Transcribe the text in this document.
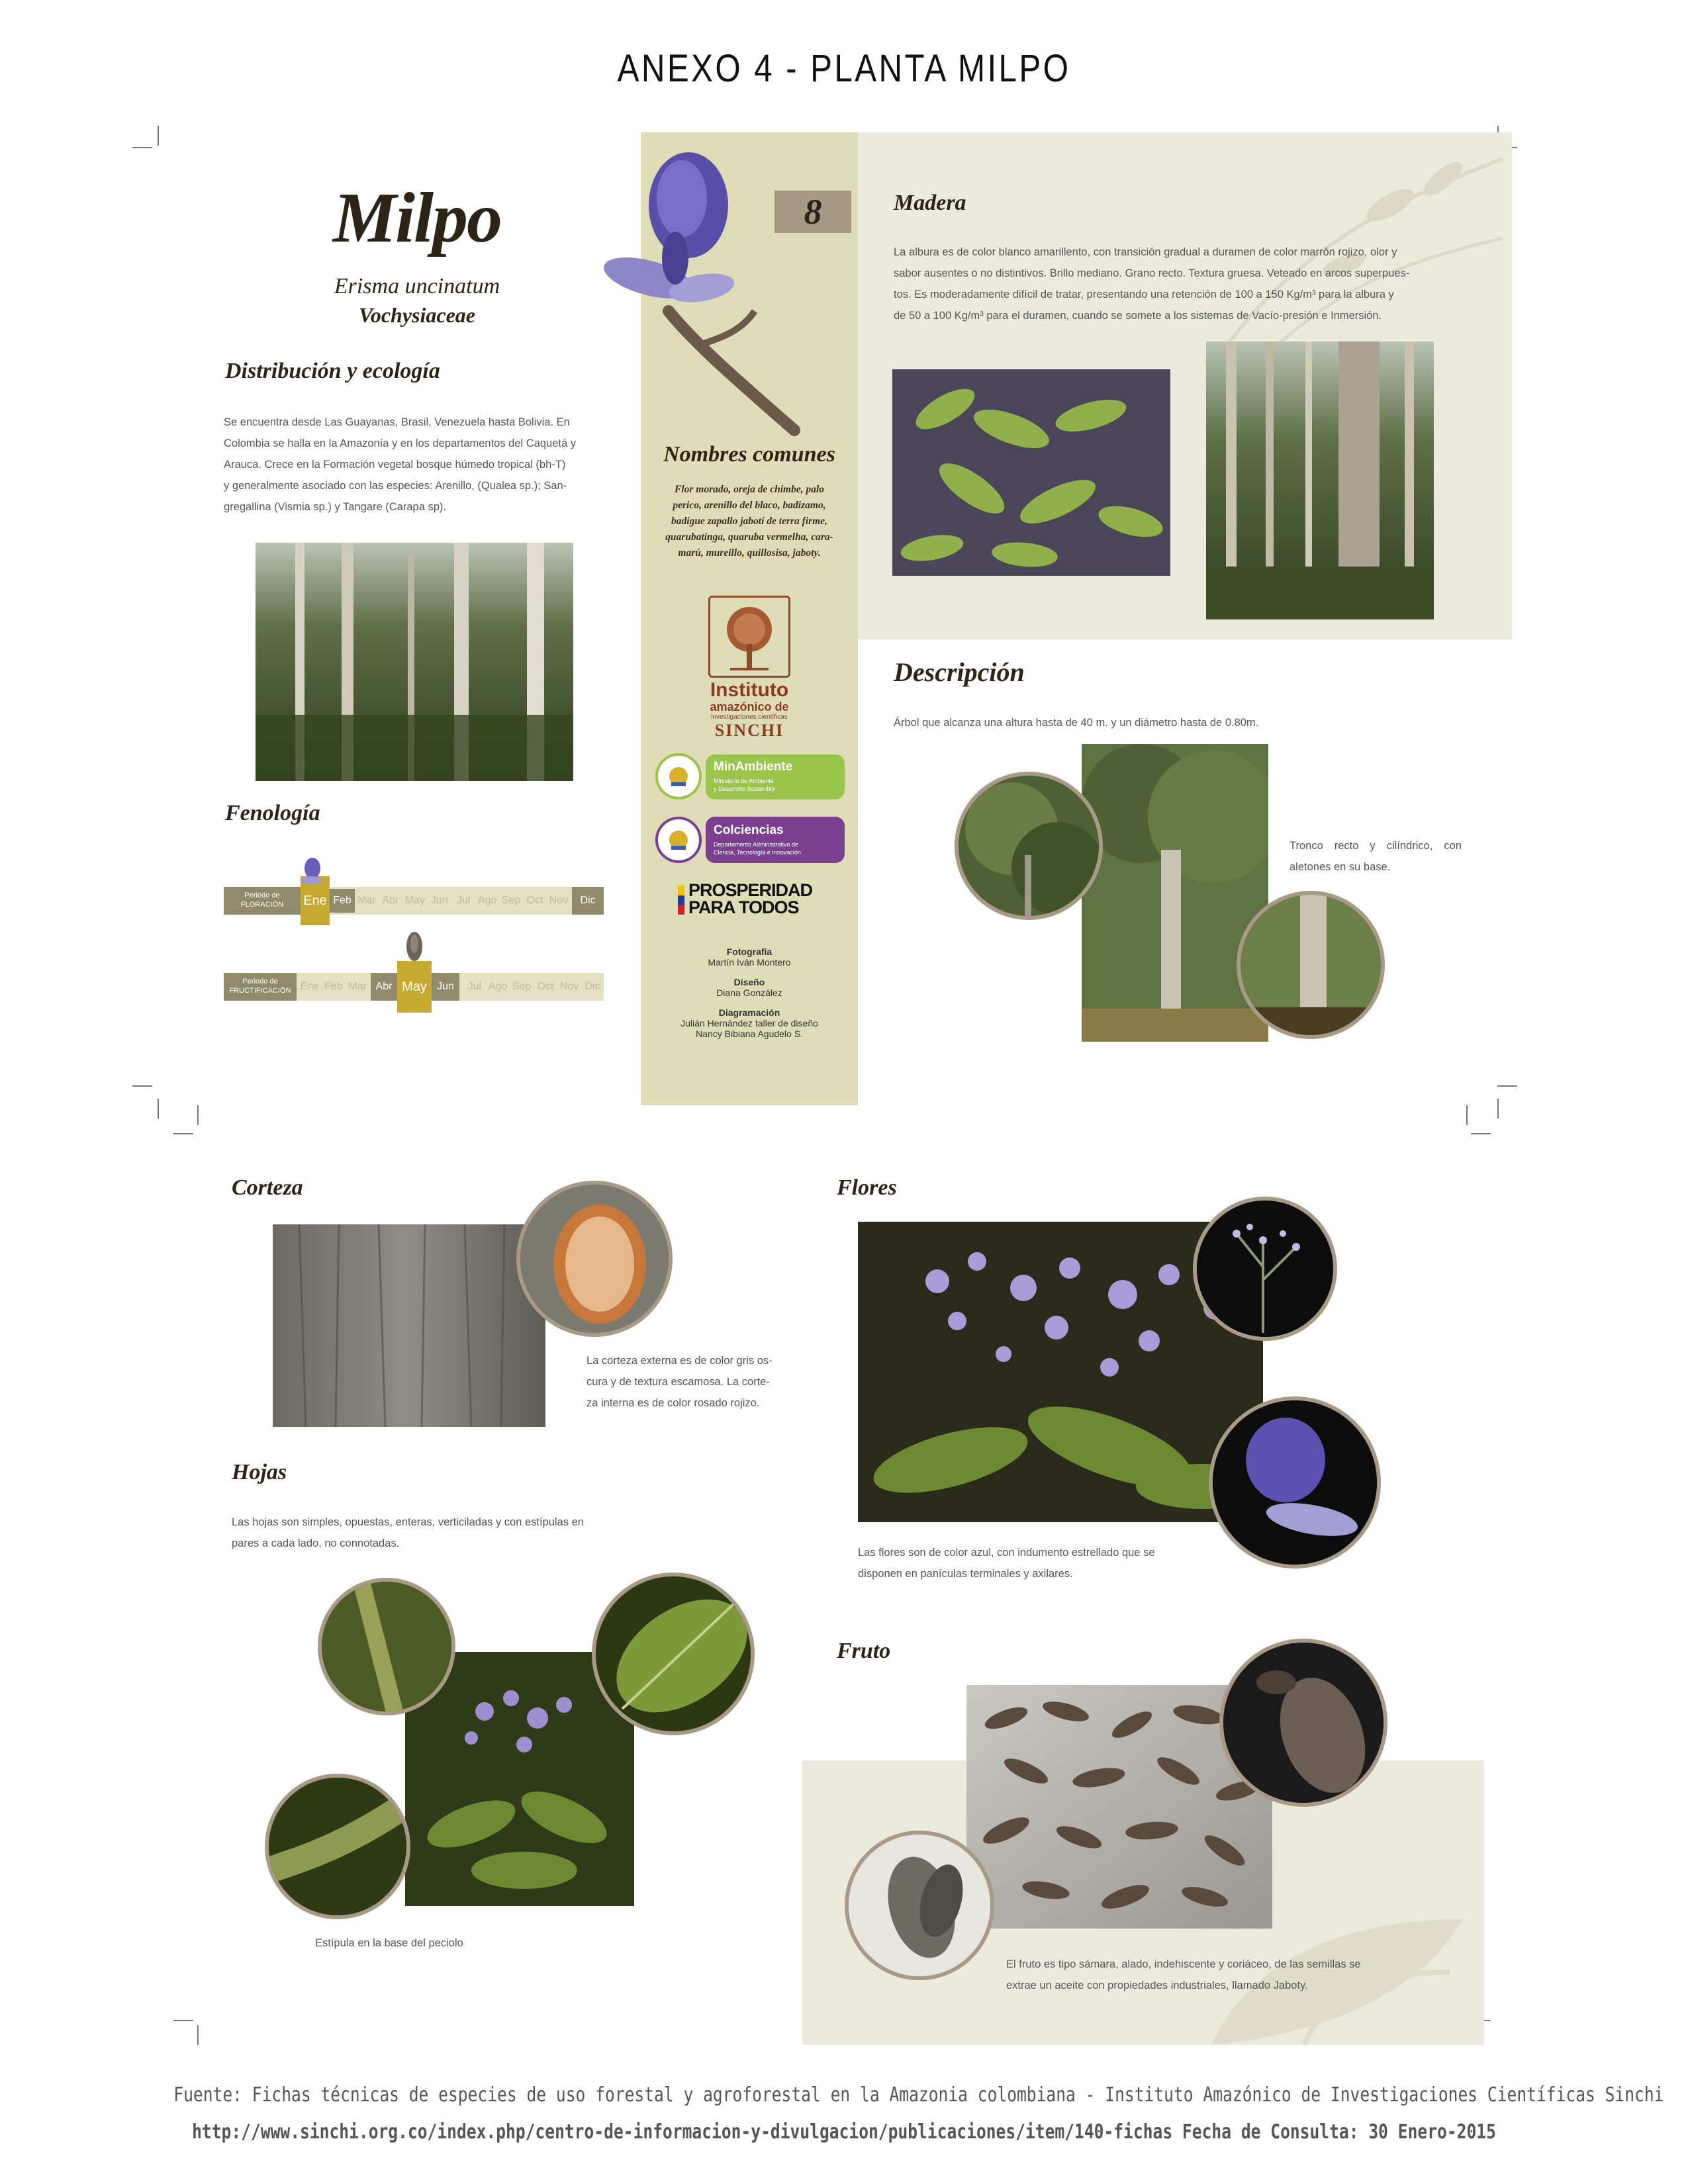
ANEXO 4 - PLANTA MILPO
Milpo
Erisma uncinatum
Vochysiaceae
8
Distribución y ecología
Se encuentra desde Las Guayanas, Brasil, Venezuela hasta Bolivia. En
Colombia se halla en la Amazonía y en los departamentos del Caquetá y
Arauca. Crece en la Formación vegetal bosque húmedo tropical (bh-T)
y generalmente asociado con las especies: Arenillo, (Qualea sp.); San-
gregallina (Vismia sp.) y Tangare (Carapa sp).
Fenología
Periodo de
FLORACIÓN	Ene Feb Mar Abr May Jun Jul Ago Sep Oct Nov	Dic
Periodo de
FRUCTIFICACIÓN Ene Feb Mar Abr May Jun	Jul Ago Sep Oct Nov Dic
Nombres comunes
Flor morado, oreja de chimbe, palo
perico, arenillo del blaco, badizamo,
badigue zapallo jaboti de terra firme,
quarubatinga, quaruba vermelha, cara-
marú, mureillo, quillosisa, jaboty.
Instituto
amazónico de
investigaciones científicas
SINCHI
MinAmbiente
Ministerio de Ambiente
y Desarrollo Sostenible
Colciencias
Departamento Administrativo de
Ciencia, Tecnología e Innovación
PROSPERIDAD
PARA TODOS
Fotografía
Martín Iván Montero
Diseño
Diana González
Diagramación
Julián Hernández taller de diseño
Nancy Bibiana Agudelo S.
Madera
La albura es de color blanco amarillento, con transición gradual a duramen de color marrón rojizo, olor y
sabor ausentes o no distintivos. Brillo mediano. Grano recto. Textura gruesa. Veteado en arcos superpues-
tos. Es moderadamente difícil de tratar, presentando una retención de 100 a 150 Kg/m³ para la albura y
de 50 a 100 Kg/m³ para el duramen, cuando se somete a los sistemas de Vacío-presión e Inmersión.
Descripción
Árbol que alcanza una altura hasta de 40 m. y un diámetro hasta de 0.80m.
Tronco recto y cilíndrico, con
aletones en su base.
Corteza
La corteza externa es de color gris os-
cura y de textura escamosa. La corte-
za interna es de color rosado rojizo.
Hojas
Las hojas son simples, opuestas, enteras, verticiladas y con estípulas en
pares a cada lado, no connotadas.
Estípula en la base del peciolo
Flores
Las flores son de color azul, con indumento estrellado que se
disponen en panículas terminales y axilares.
Fruto
El fruto es tipo sámara, alado, indehiscente y coriáceo, de las semillas se
extrae un aceite con propiedades industriales, llamado Jaboty.
Fuente: Fichas técnicas de especies de uso forestal y agroforestal en la Amazonia colombiana - Instituto Amazónico de Investigaciones Científicas Sinchi
http://www.sinchi.org.co/index.php/centro-de-informacion-y-divulgacion/publicaciones/item/140-fichas Fecha de Consulta: 30 Enero-2015
